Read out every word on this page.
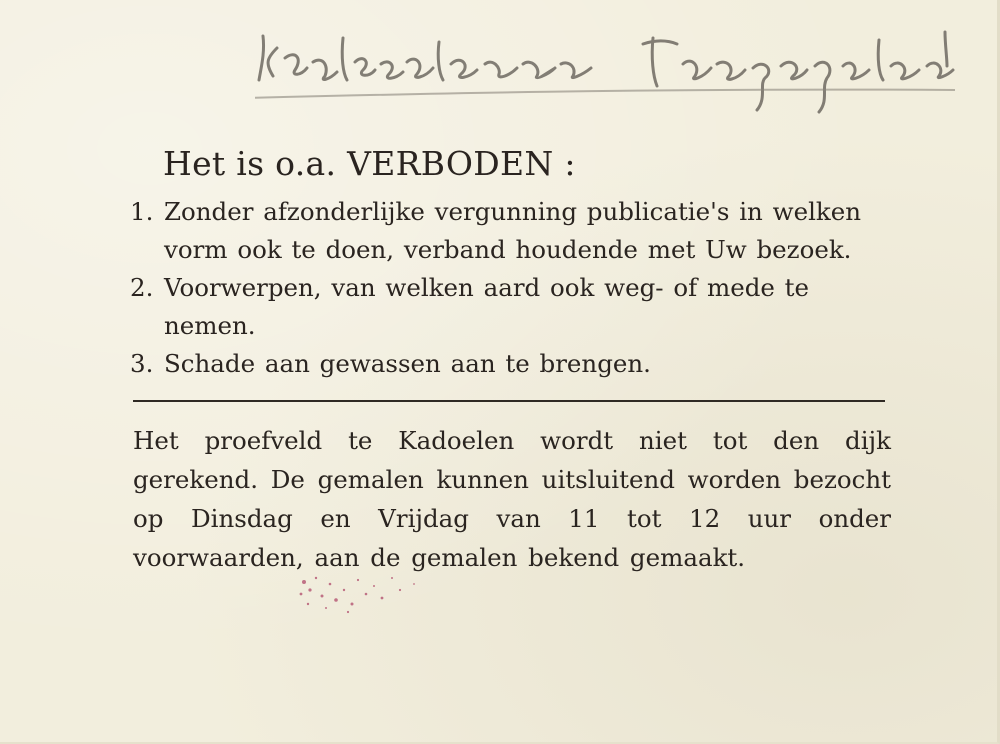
Het is o.a. VERBODEN :
1. Zonder afzonderlijke vergunning publicatie's in welken vorm ook te doen, verband houdende met Uw bezoek.
2. Voorwerpen, van welken aard ook weg- of mede te nemen.
3. Schade aan gewassen aan te brengen.
Het proefveld te Kadoelen wordt niet tot den dijk gerekend. De gemalen kunnen uitsluitend worden bezocht op Dinsdag en Vrijdag van 11 tot 12 uur onder voorwaarden, aan de gemalen bekend gemaakt.
